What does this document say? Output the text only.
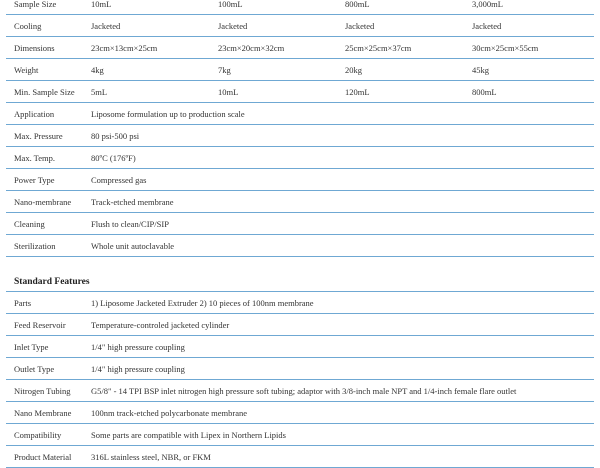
Sample Size	10mL	100mL	800mL	3,000mL
Cooling	Jacketed	Jacketed	Jacketed	Jacketed
Dimensions	23cm×13cm×25cm	23cm×20cm×32cm	25cm×25cm×37cm	30cm×25cm×55cm
Weight	4kg	7kg	20kg	45kg
Min. Sample Size	5mL	10mL	120mL	800mL
Application	Liposome formulation up to production scale			
Max. Pressure	80 psi-500 psi			
Max. Temp.	80ºC (176ºF)			
Power Type	Compressed gas			
Nano-membrane	Track-etched membrane			
Cleaning	Flush to clean/CIP/SIP			
Sterilization	Whole unit autoclavable			
Standard Features
Parts	1) Liposome Jacketed Extruder 2) 10 pieces of 100nm membrane
Feed Reservoir	Temperature-controled jacketed cylinder
Inlet Type	1/4" high pressure coupling
Outlet Type	1/4" high pressure coupling
Nitrogen Tubing	G5/8" - 14 TPI BSP inlet nitrogen high pressure soft tubing; adaptor with 3/8-inch male NPT and 1/4-inch female flare outlet
Nano Membrane	100nm track-etched polycarbonate membrane
Compatibility	Some parts are compatible with Lipex in Northern Lipids
Product Material	316L stainless steel, NBR, or FKM
